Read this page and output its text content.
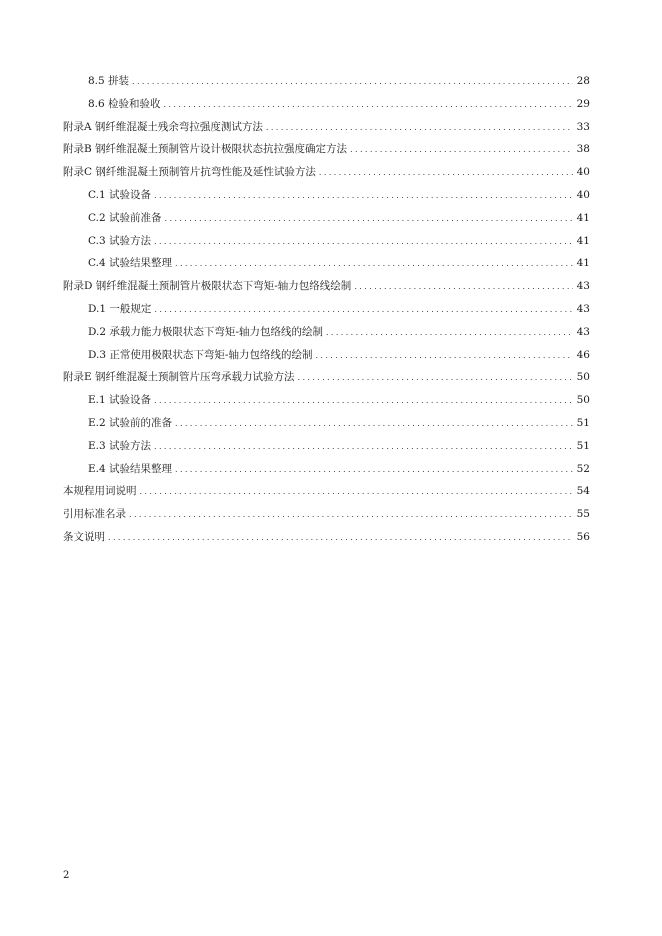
8.5 拼装 .....	28
8.6 检验和验收 .....	29
附录A 钢纤维混凝土残余弯拉强度测试方法 .....	33
附录B 钢纤维混凝土预制管片设计极限状态抗拉强度确定方法 .....	38
附录C 钢纤维混凝土预制管片抗弯性能及延性试验方法 .....	40
C.1 试验设备 .....	40
C.2 试验前准备 .....	41
C.3 试验方法 .....	41
C.4 试验结果整理 .....	41
附录D 钢纤维混凝土预制管片极限状态下弯矩-轴力包络线绘制 .....	43
D.1 一般规定 .....	43
D.2 承载力能力极限状态下弯矩-轴力包络线的绘制 .....	43
D.3 正常使用极限状态下弯矩-轴力包络线的绘制 .....	46
附录E 钢纤维混凝土预制管片压弯承载力试验方法 .....	50
E.1 试验设备 .....	50
E.2 试验前的准备 .....	51
E.3 试验方法 .....	51
E.4 试验结果整理 .....	52
本规程用词说明 .....	54
引用标准名录 .....	55
条文说明 .....	56
2
